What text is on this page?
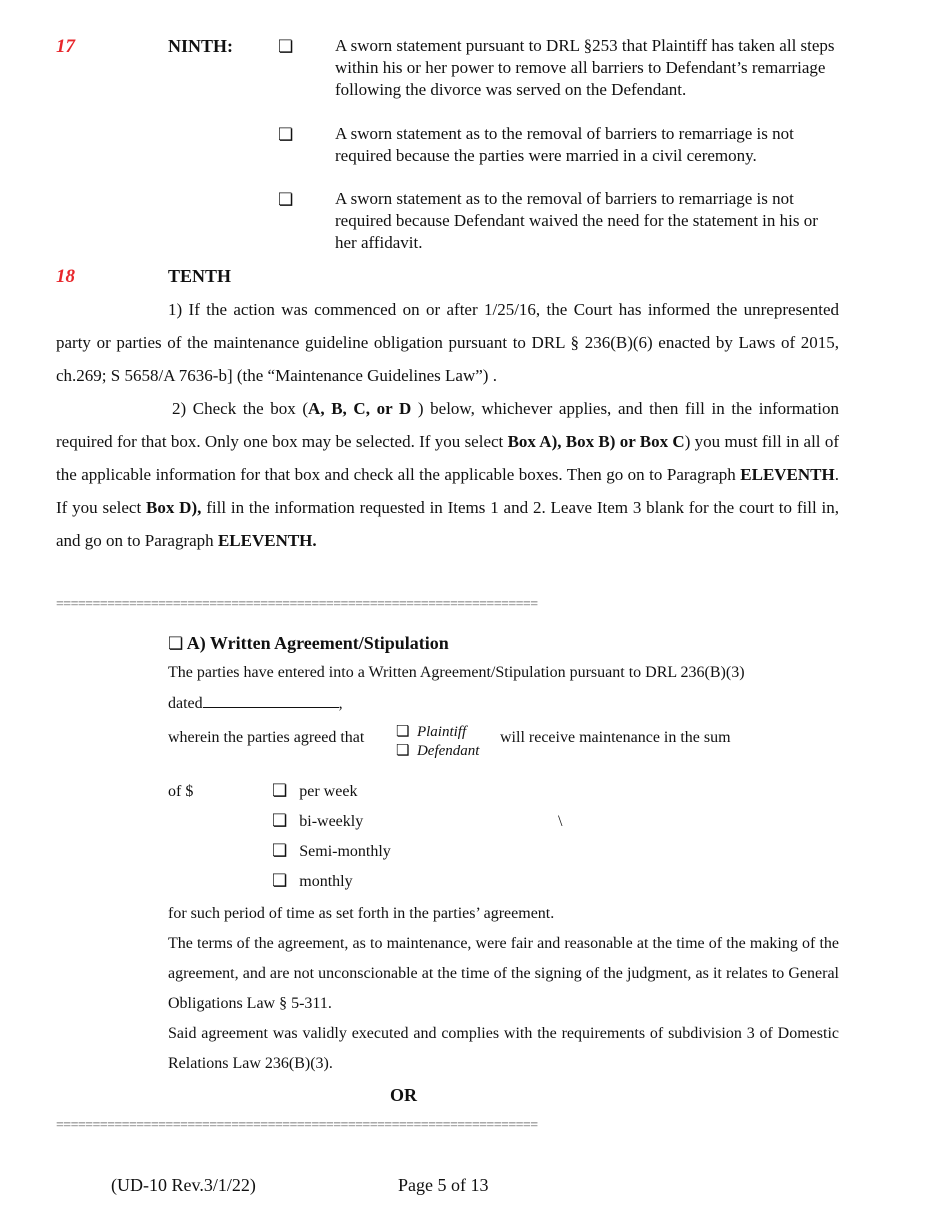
17	NINTH:	❏ A sworn statement pursuant to DRL §253 that Plaintiff has taken all steps within his or her power to remove all barriers to Defendant’s remarriage following the divorce was served on the Defendant.
❏ A sworn statement as to the removal of barriers to remarriage is not required because the parties were married in a civil ceremony.
❏ A sworn statement as to the removal of barriers to remarriage is not required because Defendant waived the need for the statement in his or her affidavit.
18	TENTH

1) If the action was commenced on or after 1/25/16, the Court has informed the unrepresented party or parties of the maintenance guideline obligation pursuant to DRL § 236(B)(6) enacted by Laws of 2015, ch.269; S 5658/A 7636-b] (the “Maintenance Guidelines Law”) .

2) Check the box (A, B, C, or D ) below, whichever applies, and then fill in the information required for that box. Only one box may be selected. If you select Box A), Box B) or Box C) you must fill in all of the applicable information for that box and check all the applicable boxes. Then go on to Paragraph ELEVENTH. If you select Box D), fill in the information requested in Items 1 and 2. Leave Item 3 blank for the court to fill in, and go on to Paragraph ELEVENTH.

==================================================================
❏ A) Written Agreement/Stipulation

The parties have entered into a Written Agreement/Stipulation pursuant to DRL 236(B)(3)

dated	,
wherein the parties agreed that ❏ Plaintiff
❏ Defendant
will receive maintenance in the sum
of $	❏ per week
❏ bi-weekly
❏ Semi-monthly
❏ monthly
\

for such period of time as set forth in the parties’ agreement.

The terms of the agreement, as to maintenance, were fair and reasonable at the time of the making of the agreement, and are not unconscionable at the time of the signing of the judgment, as it relates to General Obligations Law § 5-311.

Said agreement was validly executed and complies with the requirements of subdivision 3 of Domestic Relations Law 236(B)(3).

OR
==================================================================
(UD-10 Rev.3/1/22)	Page 5 of 13
